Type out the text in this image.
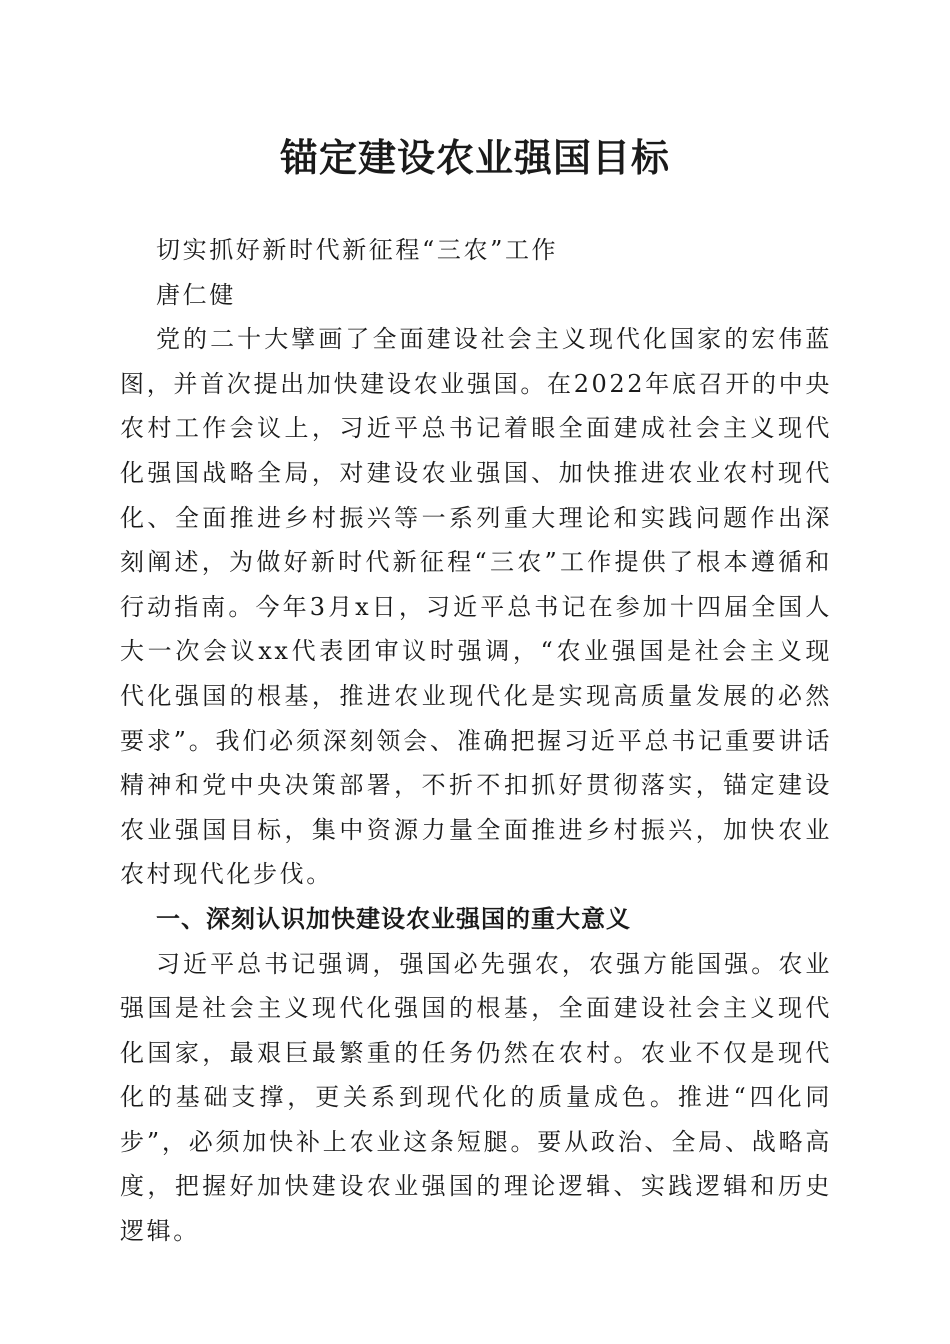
锚定建设农业强国目标

切实抓好新时代新征程“三农”工作

唐仁健

党的二十大擘画了全面建设社会主义现代化国家的宏伟蓝图，并首次提出加快建设农业强国。在2022年底召开的中央农村工作会议上，习近平总书记着眼全面建成社会主义现代化强国战略全局，对建设农业强国、加快推进农业农村现代化、全面推进乡村振兴等一系列重大理论和实践问题作出深刻阐述，为做好新时代新征程“三农”工作提供了根本遵循和行动指南。今年3月x日，习近平总书记在参加十四届全国人大一次会议xx代表团审议时强调，“农业强国是社会主义现代化强国的根基，推进农业现代化是实现高质量发展的必然要求”。我们必须深刻领会、准确把握习近平总书记重要讲话精神和党中央决策部署，不折不扣抓好贯彻落实，锚定建设农业强国目标，集中资源力量全面推进乡村振兴，加快农业农村现代化步伐。

一、深刻认识加快建设农业强国的重大意义

习近平总书记强调，强国必先强农，农强方能国强。农业强国是社会主义现代化强国的根基，全面建设社会主义现代化国家，最艰巨最繁重的任务仍然在农村。农业不仅是现代化的基础支撑，更关系到现代化的质量成色。推进“四化同步”，必须加快补上农业这条短腿。要从政治、全局、战略高度，把握好加快建设农业强国的理论逻辑、实践逻辑和历史逻辑。
